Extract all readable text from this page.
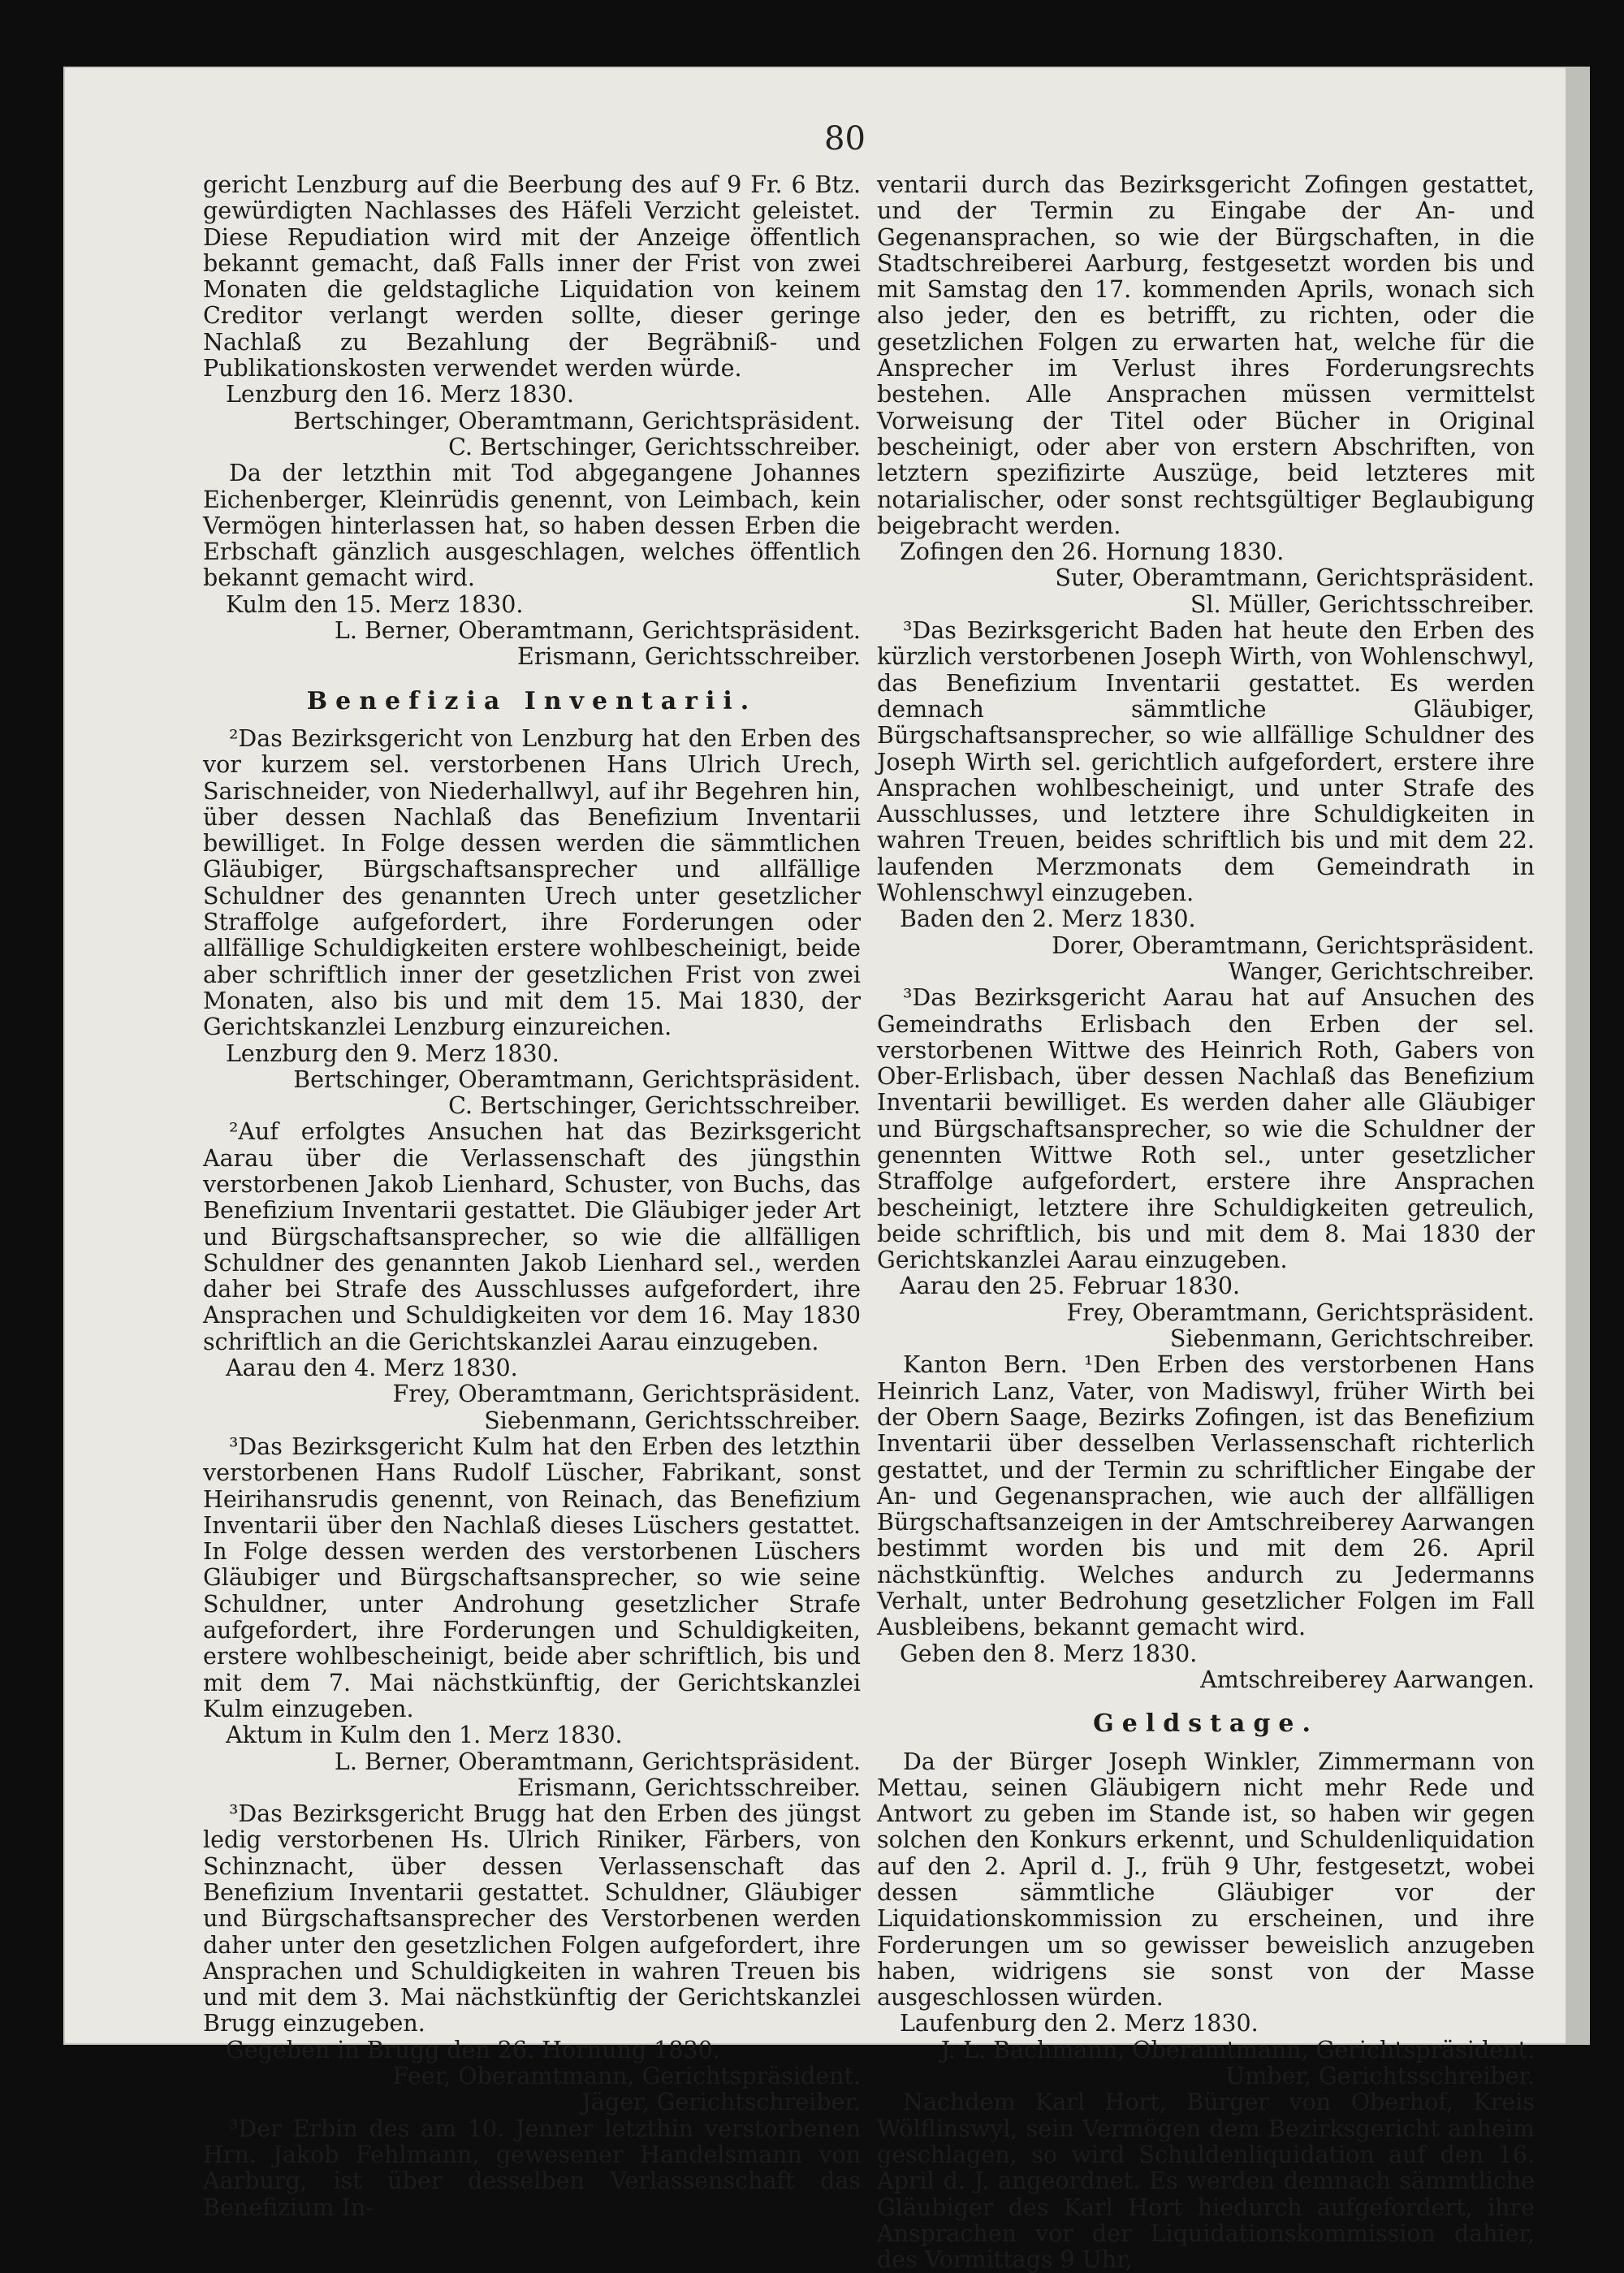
80

gericht Lenzburg auf die Beerbung des auf 9 Fr. 6 Btz. gewürdigten Nachlasses des Häfeli Verzicht geleistet. Diese Repudiation wird mit der Anzeige öffentlich bekannt gemacht, daß Falls inner der Frist von zwei Monaten die geldstagliche Liquidation von keinem Creditor verlangt werden sollte, dieser geringe Nachlaß zu Bezahlung der Begräbniß- und Publikationskosten verwendet werden würde.

Lenzburg den 16. Merz 1830.

Bertschinger, Oberamtmann, Gerichtspräsident.

C. Bertschinger, Gerichtsschreiber.

Da der letzthin mit Tod abgegangene Johannes Eichenberger, Kleinrüdis genennt, von Leimbach, kein Vermögen hinterlassen hat, so haben dessen Erben die Erbschaft gänzlich ausgeschlagen, welches öffentlich bekannt gemacht wird.

Kulm den 15. Merz 1830.

L. Berner, Oberamtmann, Gerichtspräsident.

Erismann, Gerichtsschreiber.

Benefizia Inventarii.

²Das Bezirksgericht von Lenzburg hat den Erben des vor kurzem sel. verstorbenen Hans Ulrich Urech, Sarischneider, von Niederhallwyl, auf ihr Begehren hin, über dessen Nachlaß das Benefizium Inventarii bewilliget. In Folge dessen werden die sämmtlichen Gläubiger, Bürgschaftsansprecher und allfällige Schuldner des genannten Urech unter gesetzlicher Straffolge aufgefordert, ihre Forderungen oder allfällige Schuldigkeiten erstere wohlbescheinigt, beide aber schriftlich inner der gesetzlichen Frist von zwei Monaten, also bis und mit dem 15. Mai 1830, der Gerichtskanzlei Lenzburg einzureichen.

Lenzburg den 9. Merz 1830.

Bertschinger, Oberamtmann, Gerichtspräsident.

C. Bertschinger, Gerichtsschreiber.

²Auf erfolgtes Ansuchen hat das Bezirksgericht Aarau über die Verlassenschaft des jüngsthin verstorbenen Jakob Lienhard, Schuster, von Buchs, das Benefizium Inventarii gestattet. Die Gläubiger jeder Art und Bürgschaftsansprecher, so wie die allfälligen Schuldner des genannten Jakob Lienhard sel., werden daher bei Strafe des Ausschlusses aufgefordert, ihre Ansprachen und Schuldigkeiten vor dem 16. May 1830 schriftlich an die Gerichtskanzlei Aarau einzugeben.

Aarau den 4. Merz 1830.

Frey, Oberamtmann, Gerichtspräsident.

Siebenmann, Gerichtsschreiber.

³Das Bezirksgericht Kulm hat den Erben des letzthin verstorbenen Hans Rudolf Lüscher, Fabrikant, sonst Heirihansrudis genennt, von Reinach, das Benefizium Inventarii über den Nachlaß dieses Lüschers gestattet. In Folge dessen werden des verstorbenen Lüschers Gläubiger und Bürgschaftsansprecher, so wie seine Schuldner, unter Androhung gesetzlicher Strafe aufgefordert, ihre Forderungen und Schuldigkeiten, erstere wohlbescheinigt, beide aber schriftlich, bis und mit dem 7. Mai nächstkünftig, der Gerichtskanzlei Kulm einzugeben.

Aktum in Kulm den 1. Merz 1830.

L. Berner, Oberamtmann, Gerichtspräsident.

Erismann, Gerichtsschreiber.

³Das Bezirksgericht Brugg hat den Erben des jüngst ledig verstorbenen Hs. Ulrich Riniker, Färbers, von Schinznacht, über dessen Verlassenschaft das Benefizium Inventarii gestattet. Schuldner, Gläubiger und Bürgschaftsansprecher des Verstorbenen werden daher unter den gesetzlichen Folgen aufgefordert, ihre Ansprachen und Schuldigkeiten in wahren Treuen bis und mit dem 3. Mai nächstkünftig der Gerichtskanzlei Brugg einzugeben.

Gegeben in Brugg den 26. Hornung 1830.

Feer, Oberamtmann, Gerichtspräsident.

Jäger, Gerichtschreiber.

³Der Erbin des am 10. Jenner letzthin verstorbenen Hrn. Jakob Fehlmann, gewesener Handelsmann von Aarburg, ist über desselben Verlassenschaft das Benefizium In-

ventarii durch das Bezirksgericht Zofingen gestattet, und der Termin zu Eingabe der An- und Gegenansprachen, so wie der Bürgschaften, in die Stadtschreiberei Aarburg, festgesetzt worden bis und mit Samstag den 17. kommenden Aprils, wonach sich also jeder, den es betrifft, zu richten, oder die gesetzlichen Folgen zu erwarten hat, welche für die Ansprecher im Verlust ihres Forderungsrechts bestehen. Alle Ansprachen müssen vermittelst Vorweisung der Titel oder Bücher in Original bescheinigt, oder aber von erstern Abschriften, von letztern spezifizirte Auszüge, beid letzteres mit notarialischer, oder sonst rechtsgültiger Beglaubigung beigebracht werden.

Zofingen den 26. Hornung 1830.

Suter, Oberamtmann, Gerichtspräsident.

Sl. Müller, Gerichtsschreiber.

³Das Bezirksgericht Baden hat heute den Erben des kürzlich verstorbenen Joseph Wirth, von Wohlenschwyl, das Benefizium Inventarii gestattet. Es werden demnach sämmtliche Gläubiger, Bürgschaftsansprecher, so wie allfällige Schuldner des Joseph Wirth sel. gerichtlich aufgefordert, erstere ihre Ansprachen wohlbescheinigt, und unter Strafe des Ausschlusses, und letztere ihre Schuldigkeiten in wahren Treuen, beides schriftlich bis und mit dem 22. laufenden Merzmonats dem Gemeindrath in Wohlenschwyl einzugeben.

Baden den 2. Merz 1830.

Dorer, Oberamtmann, Gerichtspräsident.

Wanger, Gerichtschreiber.

³Das Bezirksgericht Aarau hat auf Ansuchen des Gemeindraths Erlisbach den Erben der sel. verstorbenen Wittwe des Heinrich Roth, Gabers von Ober-Erlisbach, über dessen Nachlaß das Benefizium Inventarii bewilliget. Es werden daher alle Gläubiger und Bürgschaftsansprecher, so wie die Schuldner der genennten Wittwe Roth sel., unter gesetzlicher Straffolge aufgefordert, erstere ihre Ansprachen bescheinigt, letztere ihre Schuldigkeiten getreulich, beide schriftlich, bis und mit dem 8. Mai 1830 der Gerichtskanzlei Aarau einzugeben.

Aarau den 25. Februar 1830.

Frey, Oberamtmann, Gerichtspräsident.

Siebenmann, Gerichtschreiber.

Kanton Bern. ¹Den Erben des verstorbenen Hans Heinrich Lanz, Vater, von Madiswyl, früher Wirth bei der Obern Saage, Bezirks Zofingen, ist das Benefizium Inventarii über desselben Verlassenschaft richterlich gestattet, und der Termin zu schriftlicher Eingabe der An- und Gegenansprachen, wie auch der allfälligen Bürgschaftsanzeigen in der Amtschreiberey Aarwangen bestimmt worden bis und mit dem 26. April nächstkünftig. Welches andurch zu Jedermanns Verhalt, unter Bedrohung gesetzlicher Folgen im Fall Ausbleibens, bekannt gemacht wird.

Geben den 8. Merz 1830.

Amtschreiberey Aarwangen.

Geldstage.

Da der Bürger Joseph Winkler, Zimmermann von Mettau, seinen Gläubigern nicht mehr Rede und Antwort zu geben im Stande ist, so haben wir gegen solchen den Konkurs erkennt, und Schuldenliquidation auf den 2. April d. J., früh 9 Uhr, festgesetzt, wobei dessen sämmtliche Gläubiger vor der Liquidationskommission zu erscheinen, und ihre Forderungen um so gewisser beweislich anzugeben haben, widrigens sie sonst von der Masse ausgeschlossen würden.

Laufenburg den 2. Merz 1830.

J. L. Bachmann, Oberamtmann, Gerichtspräsident.

Umber, Gerichtsschreiber.

Nachdem Karl Hort, Bürger von Oberhof, Kreis Wölflinswyl, sein Vermögen dem Bezirksgericht anheim geschlagen, so wird Schuldenliquidation auf den 16. April d. J. angeordnet. Es werden demnach sämmtliche Gläubiger des Karl Hort hiedurch aufgefordert, ihre Ansprachen vor der Liquidationskommission dahier, des Vormittags 9 Uhr,
